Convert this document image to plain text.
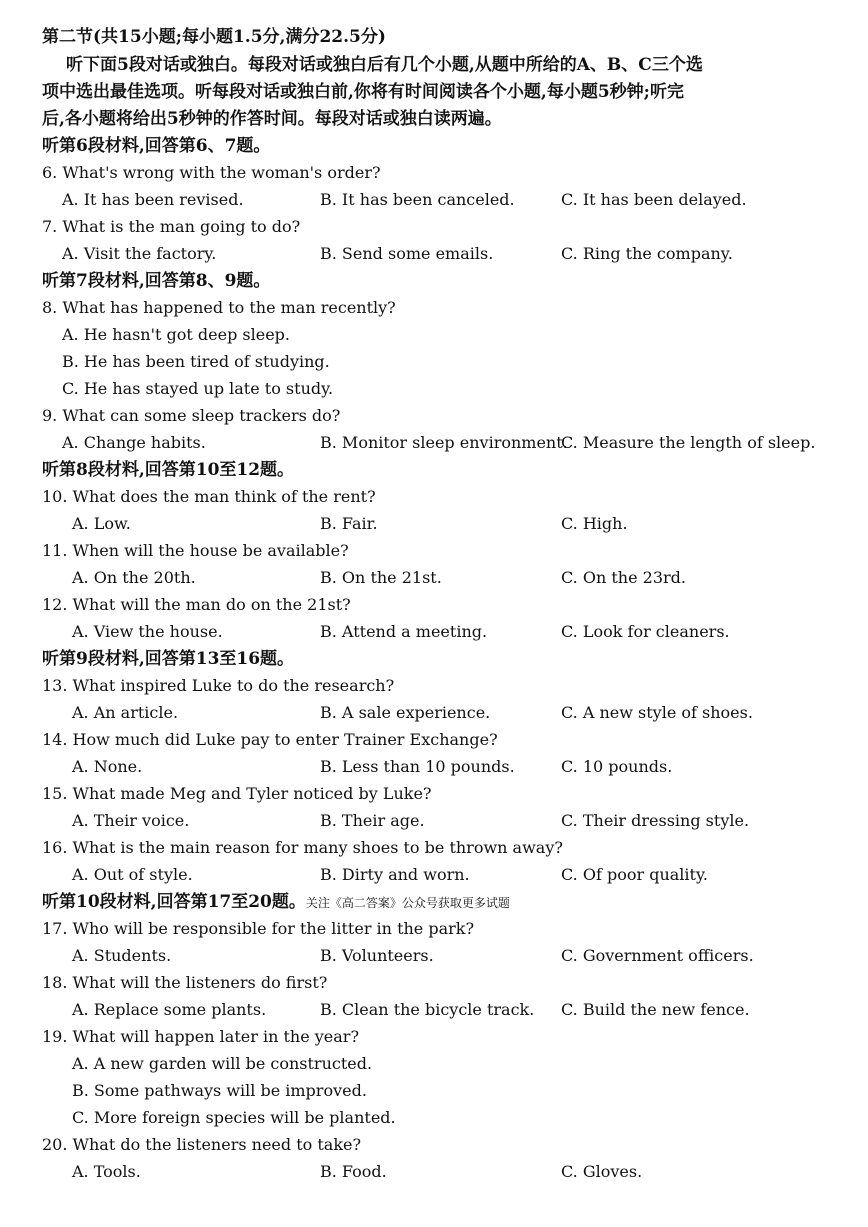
第二节(共15小题;每小题1.5分,满分22.5分)
听下面5段对话或独白。每段对话或独白后有几个小题,从题中所给的A、B、C三个选
项中选出最佳选项。听每段对话或独白前,你将有时间阅读各个小题,每小题5秒钟;听完
后,各小题将给出5秒钟的作答时间。每段对话或独白读两遍。
听第6段材料,回答第6、7题。
6. What's wrong with the woman's order?
A. It has been revised.	B. It has been canceled.	C. It has been delayed.
7. What is the man going to do?
A. Visit the factory.	B. Send some emails.	C. Ring the company.
听第7段材料,回答第8、9题。
8. What has happened to the man recently?
A. He hasn't got deep sleep.
B. He has been tired of studying.
C. He has stayed up late to study.
9. What can some sleep trackers do?
A. Change habits.	B. Monitor sleep environment.
C. Measure the length of sleep.
听第8段材料,回答第10至12题。
10. What does the man think of the rent?
A. Low.	B. Fair.	C. High.
11. When will the house be available?
A. On the 20th.	B. On the 21st.	C. On the 23rd.
12. What will the man do on the 21st?
A. View the house.	B. Attend a meeting.	C. Look for cleaners.
听第9段材料,回答第13至16题。
13. What inspired Luke to do the research?
A. An article.	B. A sale experience.	C. A new style of shoes.
14. How much did Luke pay to enter Trainer Exchange?
A. None.	B. Less than 10 pounds.	C. 10 pounds.
15. What made Meg and Tyler noticed by Luke?
A. Their voice.	B. Their age.	C. Their dressing style.
16. What is the main reason for many shoes to be thrown away?
A. Out of style.	B. Dirty and worn.	C. Of poor quality.
听第10段材料,回答第17至20题。关注《高二答案》公众号获取更多试题
17. Who will be responsible for the litter in the park?
A. Students.	B. Volunteers.	C. Government officers.
18. What will the listeners do first?
A. Replace some plants.	B. Clean the bicycle track. C. Build the new fence.
19. What will happen later in the year?
A. A new garden will be constructed.
B. Some pathways will be improved.
C. More foreign species will be planted.
20. What do the listeners need to take?
A. Tools.	B. Food.	C. Gloves.
